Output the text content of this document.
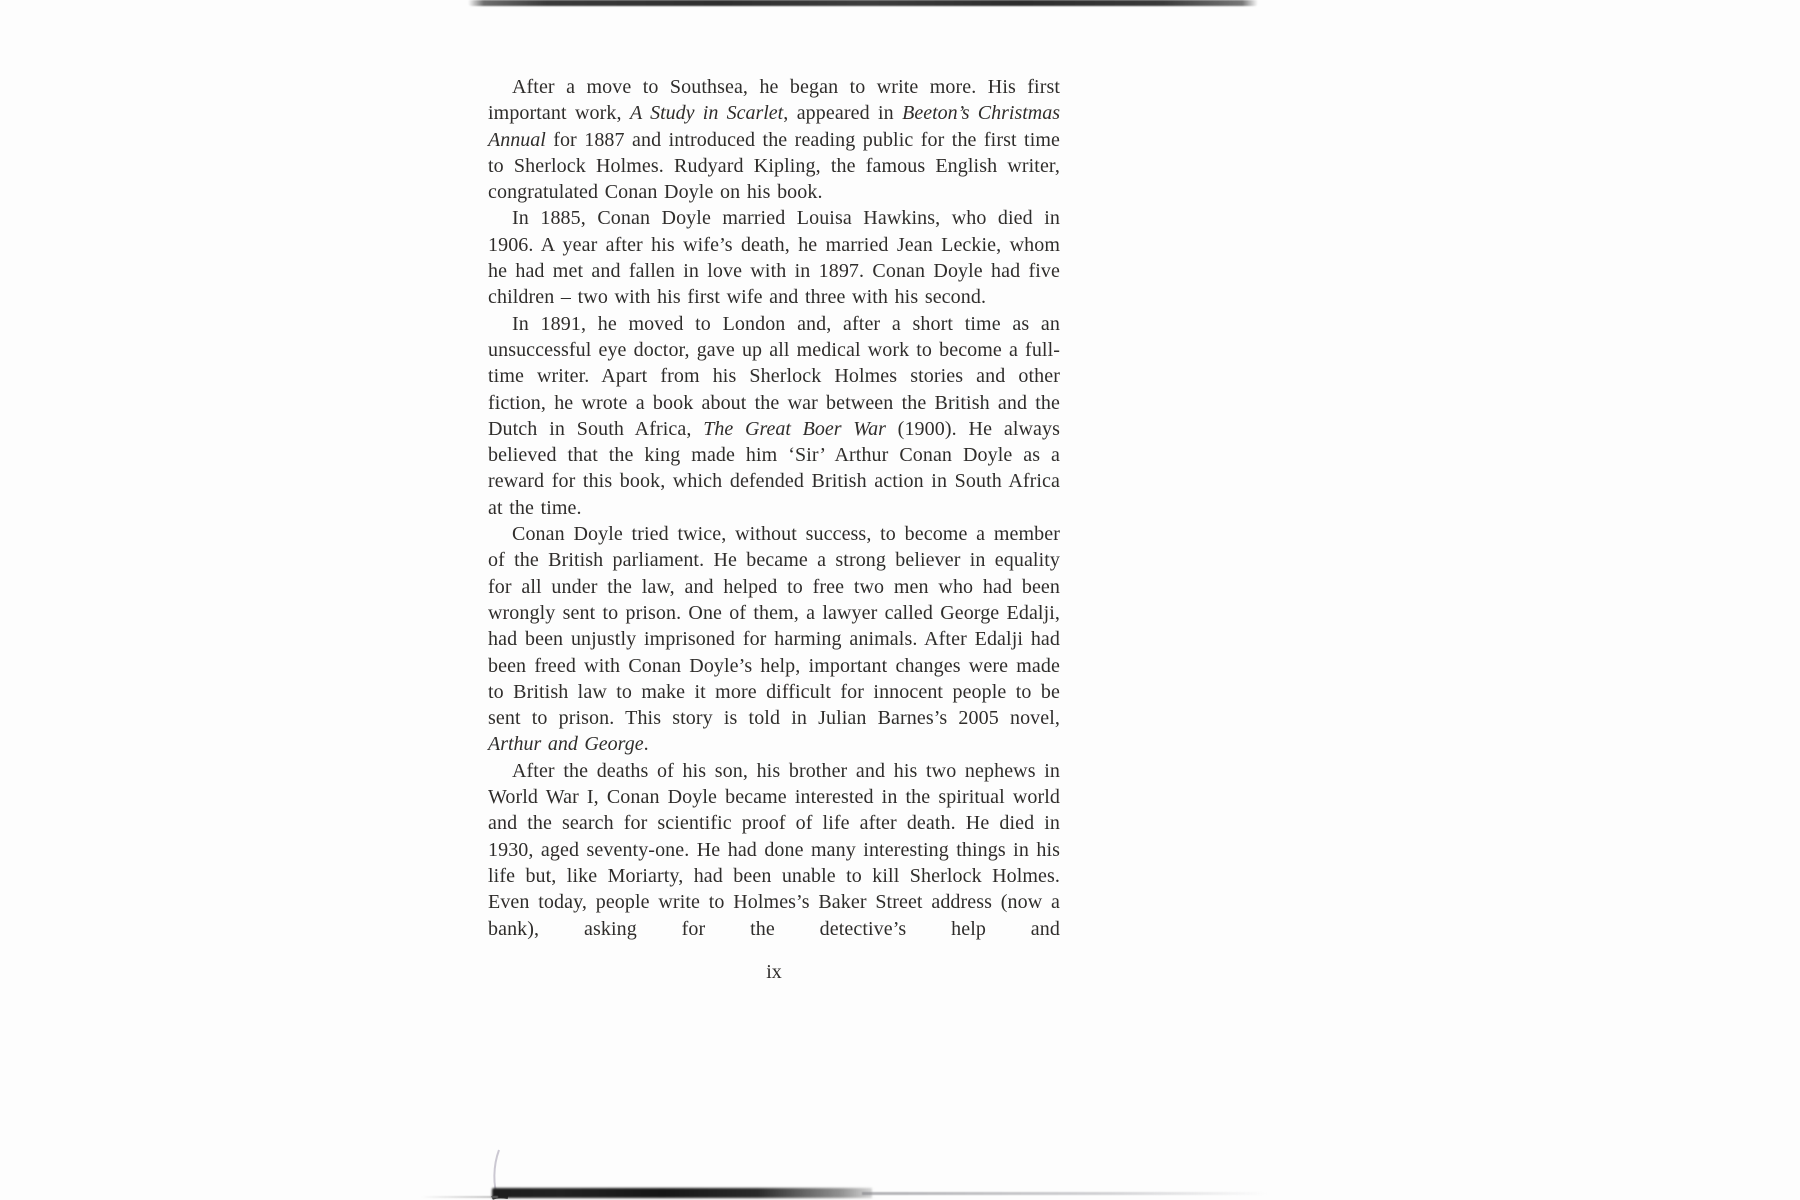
After a move to Southsea, he began to write more. His first important work, A Study in Scarlet, appeared in Beeton’s Christmas Annual for 1887 and introduced the reading public for the first time to Sherlock Holmes. Rudyard Kipling, the famous English writer, congratulated Conan Doyle on his book.

In 1885, Conan Doyle married Louisa Hawkins, who died in 1906. A year after his wife’s death, he married Jean Leckie, whom he had met and fallen in love with in 1897. Conan Doyle had five children – two with his first wife and three with his second.

In 1891, he moved to London and, after a short time as an unsuccessful eye doctor, gave up all medical work to become a full-time writer. Apart from his Sherlock Holmes stories and other fiction, he wrote a book about the war between the British and the Dutch in South Africa, The Great Boer War (1900). He always believed that the king made him ‘Sir’ Arthur Conan Doyle as a reward for this book, which defended British action in South Africa at the time.

Conan Doyle tried twice, without success, to become a member of the British parliament. He became a strong believer in equality for all under the law, and helped to free two men who had been wrongly sent to prison. One of them, a lawyer called George Edalji, had been unjustly imprisoned for harming animals. After Edalji had been freed with Conan Doyle’s help, important changes were made to British law to make it more difficult for innocent people to be sent to prison. This story is told in Julian Barnes’s 2005 novel, Arthur and George.

After the deaths of his son, his brother and his two nephews in World War I, Conan Doyle became interested in the spiritual world and the search for scientific proof of life after death. He died in 1930, aged seventy-one. He had done many interesting things in his life but, like Moriarty, had been unable to kill Sherlock Holmes. Even today, people write to Holmes’s Baker Street address (now a bank), asking for the detective’s help and

ix
